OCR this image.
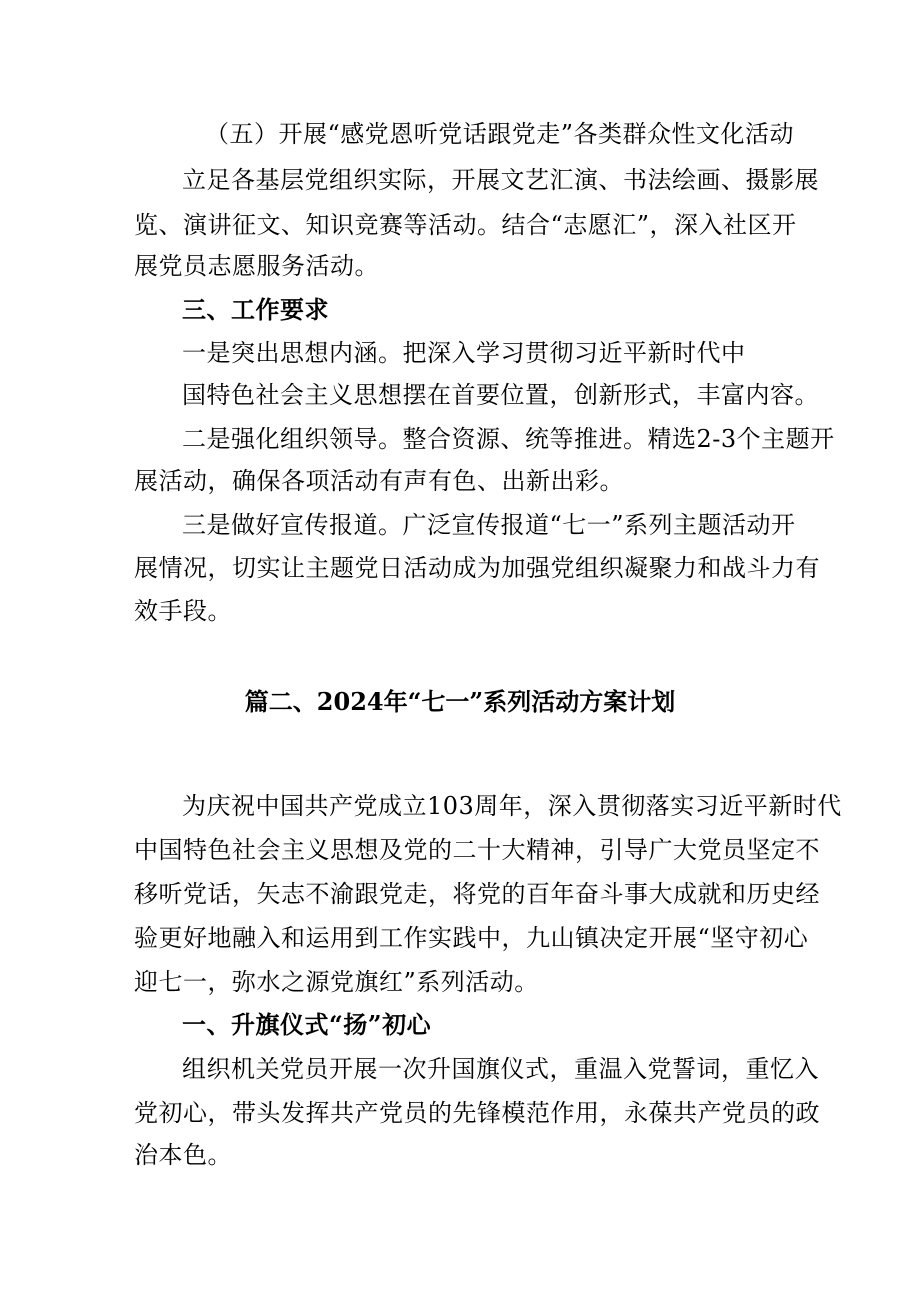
（五）开展“感党恩听党话跟党走”各类群众性文化活动
立足各基层党组织实际，开展文艺汇演、书法绘画、摄影展
览、演讲征文、知识竞赛等活动。结合“志愿汇”，深入社区开
展党员志愿服务活动。
三、工作要求
一是突出思想内涵。把深入学习贯彻习近平新时代中
国特色社会主义思想摆在首要位置，创新形式，丰富内容。
二是强化组织领导。整合资源、统等推进。精选2-3个主题开
展活动，确保各项活动有声有色、出新出彩。
三是做好宣传报道。广泛宣传报道“七一”系列主题活动开
展情况，切实让主题党日活动成为加强党组织凝聚力和战斗力有
效手段。
篇二、2024年“七一”系列活动方案计划
为庆祝中国共产党成立103周年，深入贯彻落实习近平新时代
中国特色社会主义思想及党的二十大精神，引导广大党员坚定不
移听党话，矢志不渝跟党走，将党的百年奋斗事大成就和历史经
验更好地融入和运用到工作实践中，九山镇决定开展“坚守初心
迎七一，弥水之源党旗红”系列活动。
一、升旗仪式“扬”初心
组织机关党员开展一次升国旗仪式，重温入党誓词，重忆入
党初心，带头发挥共产党员的先锋模范作用，永葆共产党员的政
治本色。
